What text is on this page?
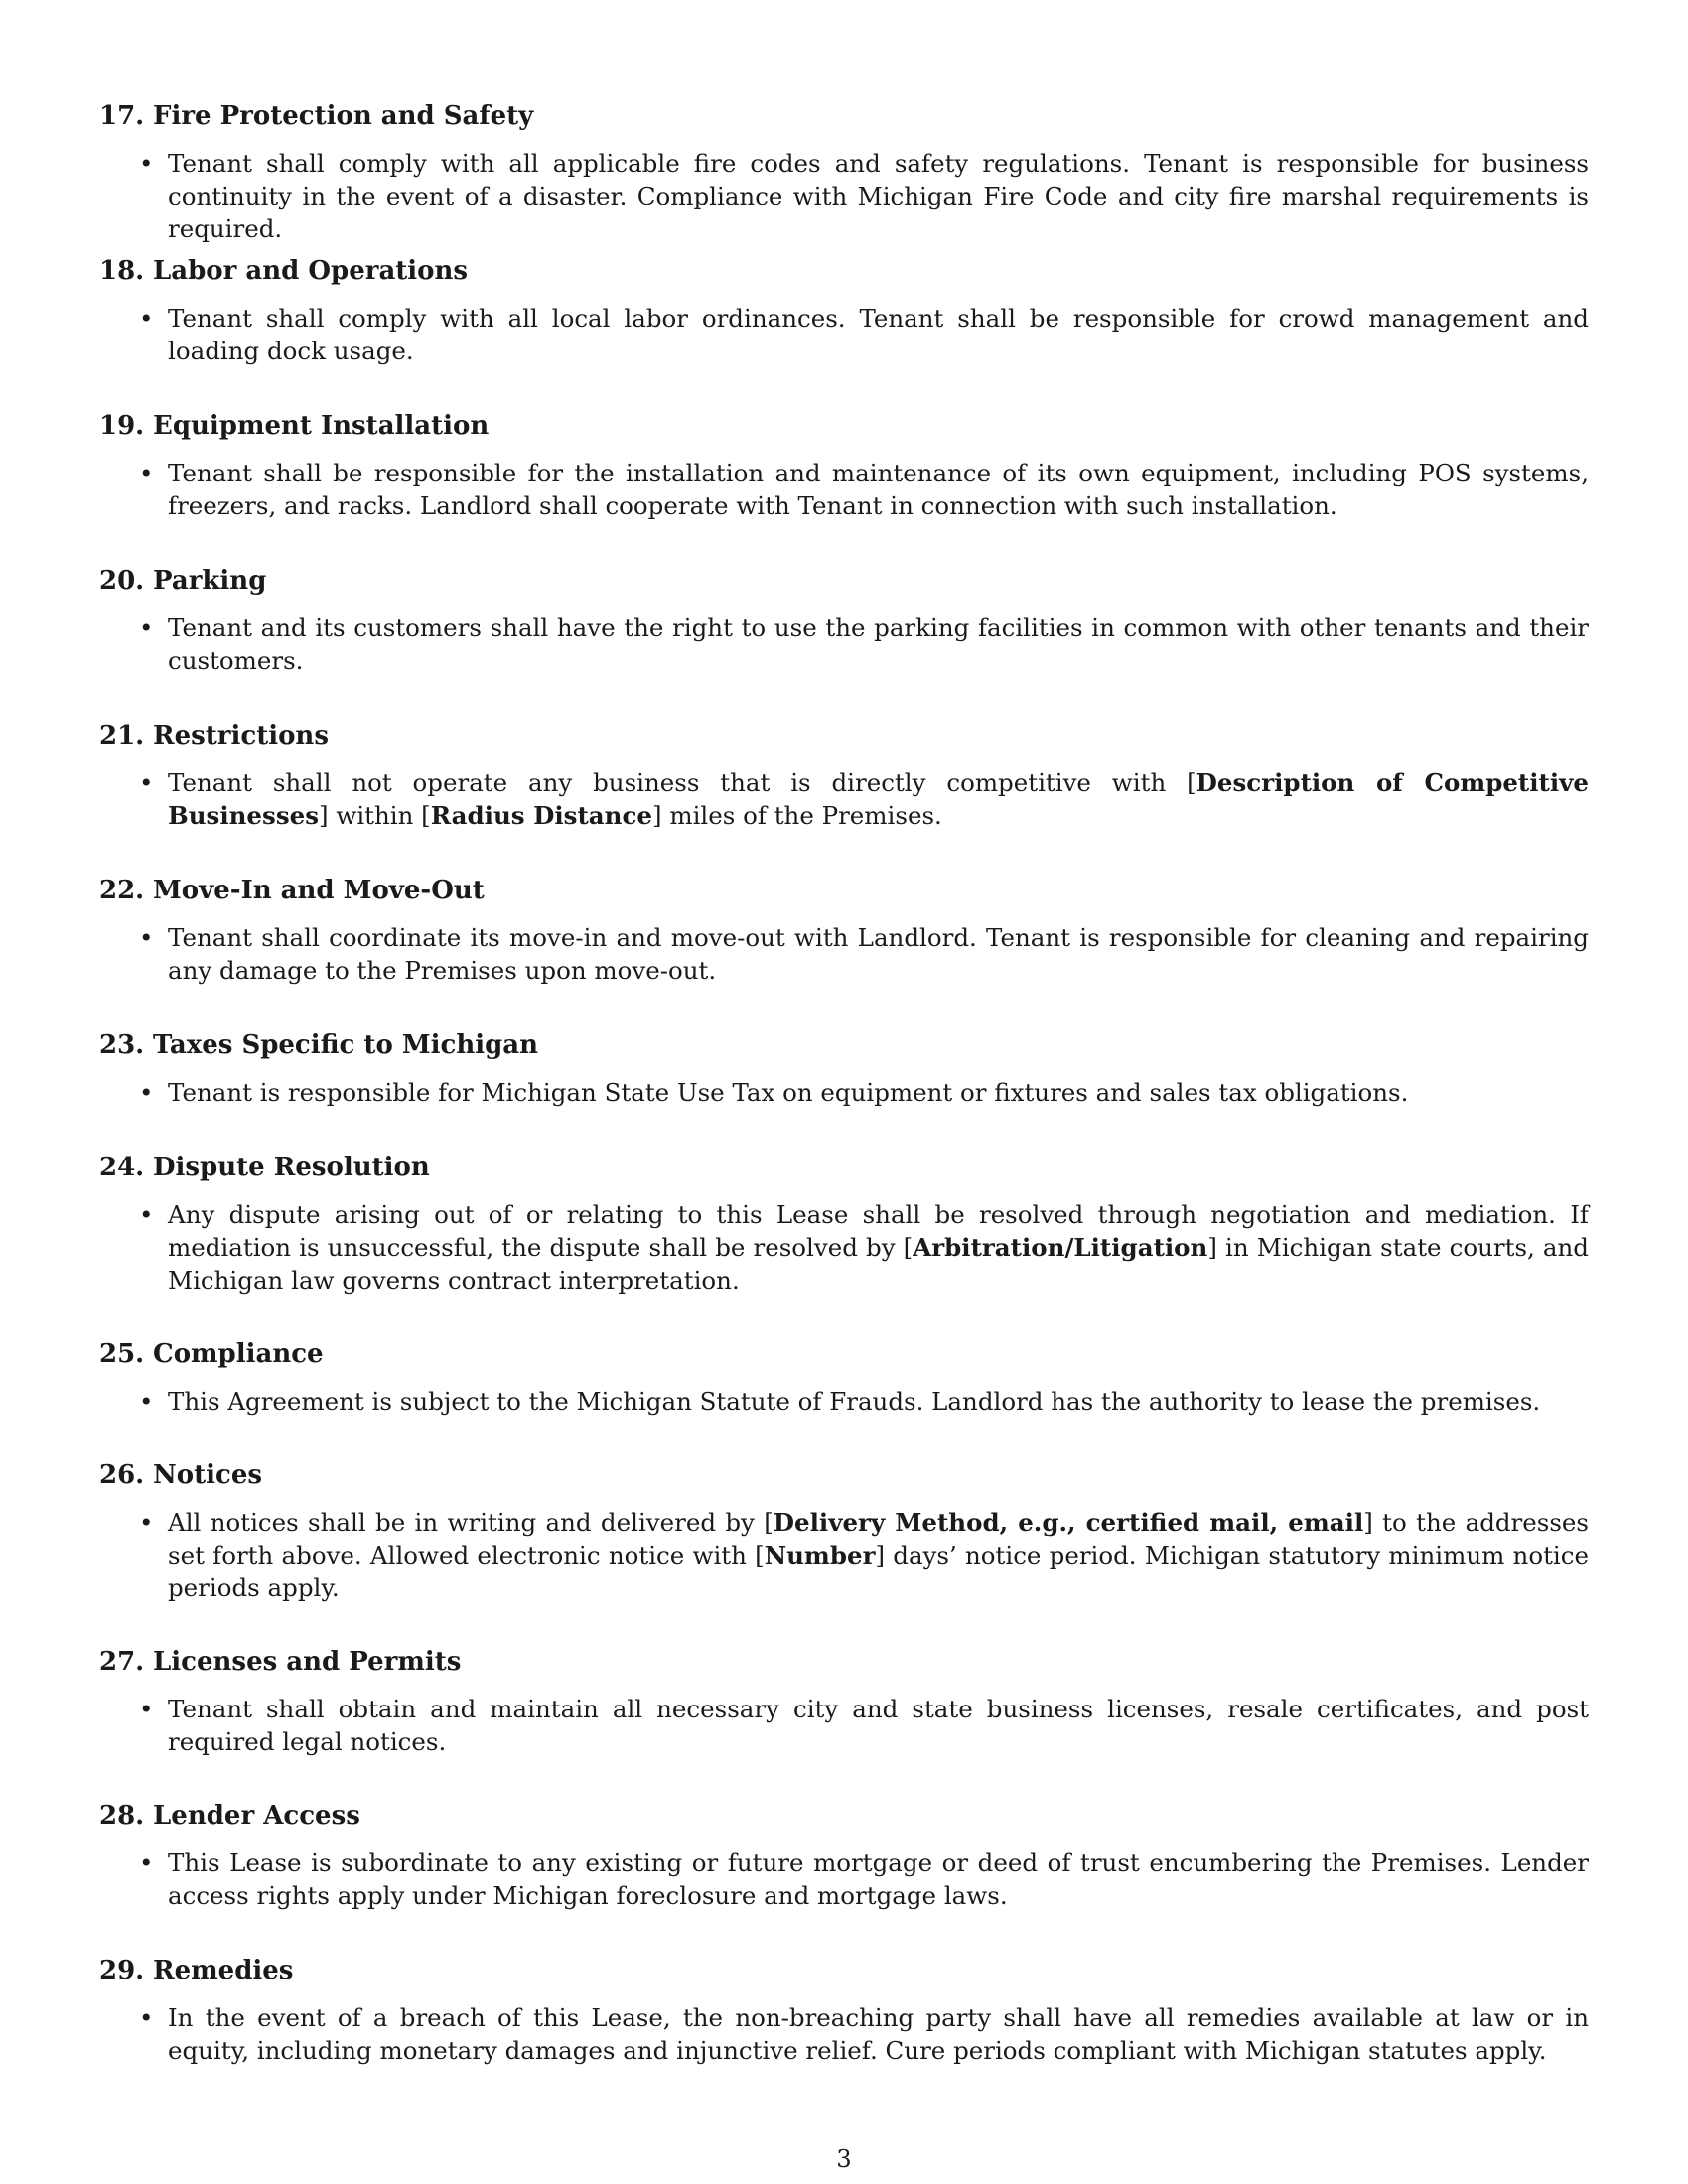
17. Fire Protection and Safety
• Tenant shall comply with all applicable fire codes and safety regulations. Tenant is responsible for business continuity in the event of a disaster. Compliance with Michigan Fire Code and city fire marshal requirements is required.
18. Labor and Operations
• Tenant shall comply with all local labor ordinances. Tenant shall be responsible for crowd management and loading dock usage.
19. Equipment Installation
• Tenant shall be responsible for the installation and maintenance of its own equipment, including POS systems, freezers, and racks. Landlord shall cooperate with Tenant in connection with such installation.
20. Parking
• Tenant and its customers shall have the right to use the parking facilities in common with other tenants and their customers.
21. Restrictions
• Tenant shall not operate any business that is directly competitive with [Description of Competitive Businesses] within [Radius Distance] miles of the Premises.
22. Move-In and Move-Out
• Tenant shall coordinate its move-in and move-out with Landlord. Tenant is responsible for cleaning and repairing any damage to the Premises upon move-out.
23. Taxes Specific to Michigan
• Tenant is responsible for Michigan State Use Tax on equipment or fixtures and sales tax obligations.
24. Dispute Resolution
• Any dispute arising out of or relating to this Lease shall be resolved through negotiation and mediation. If mediation is unsuccessful, the dispute shall be resolved by [Arbitration/Litigation] in Michigan state courts, and Michigan law governs contract interpretation.
25. Compliance
• This Agreement is subject to the Michigan Statute of Frauds. Landlord has the authority to lease the premises.
26. Notices
• All notices shall be in writing and delivered by [Delivery Method, e.g., certified mail, email] to the addresses set forth above. Allowed electronic notice with [Number] days’ notice period. Michigan statutory minimum notice periods apply.
27. Licenses and Permits
• Tenant shall obtain and maintain all necessary city and state business licenses, resale certificates, and post required legal notices.
28. Lender Access
• This Lease is subordinate to any existing or future mortgage or deed of trust encumbering the Premises. Lender access rights apply under Michigan foreclosure and mortgage laws.
29. Remedies
• In the event of a breach of this Lease, the non-breaching party shall have all remedies available at law or in equity, including monetary damages and injunctive relief. Cure periods compliant with Michigan statutes apply.
3
